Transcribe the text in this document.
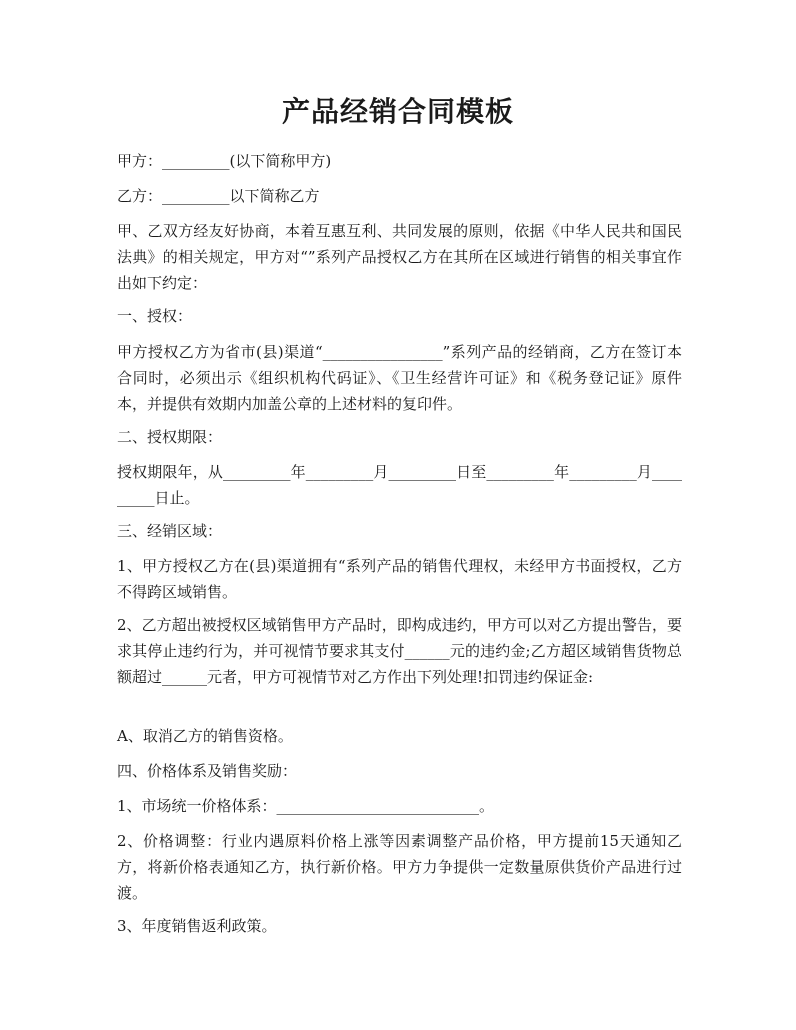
产品经销合同模板

甲方：_________(以下简称甲方)

乙方：_________以下简称乙方

甲、乙双方经友好协商，本着互惠互利、共同发展的原则，依据《中华人民共和国民法典》的相关规定，甲方对“”系列产品授权乙方在其所在区域进行销售的相关事宜作出如下约定：

一、授权：

甲方授权乙方为省市(县)渠道“________________”系列产品的经销商，乙方在签订本合同时，必须出示《组织机构代码证》、《卫生经营许可证》和《税务登记证》原件本，并提供有效期内加盖公章的上述材料的复印件。

二、授权期限：

授权期限年，从_________年_________月_________日至_________年_________月_________日止。

三、经销区域：

1、甲方授权乙方在(县)渠道拥有“系列产品的销售代理权，未经甲方书面授权，乙方不得跨区域销售。

2、乙方超出被授权区域销售甲方产品时，即构成违约，甲方可以对乙方提出警告，要求其停止违约行为，并可视情节要求其支付______元的违约金;乙方超区域销售货物总额超过______元者，甲方可视情节对乙方作出下列处理!扣罚违约保证金:

A、取消乙方的销售资格。

四、价格体系及销售奖励：

1、市场统一价格体系：___________________________。

2、价格调整：行业内遇原料价格上涨等因素调整产品价格，甲方提前15天通知乙方，将新价格表通知乙方，执行新价格。甲方力争提供一定数量原供货价产品进行过渡。

3、年度销售返利政策。
